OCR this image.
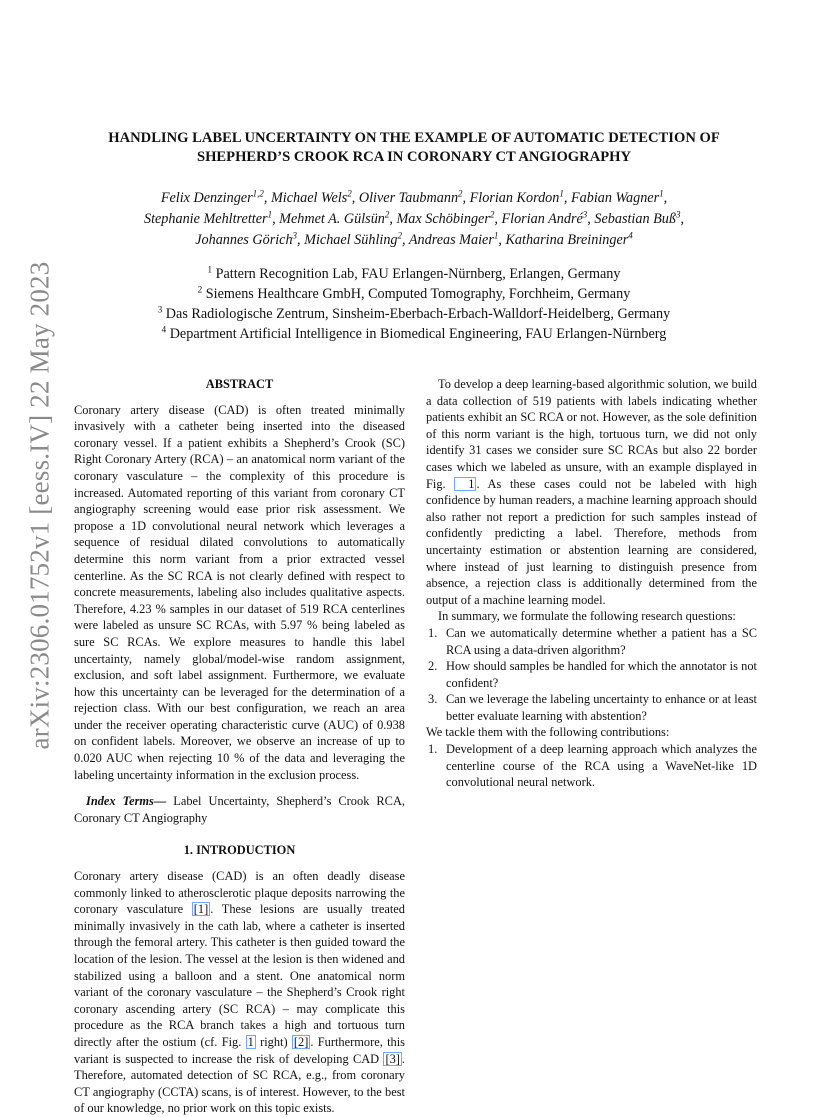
arXiv:2306.01752v1 [eess.IV] 22 May 2023
HANDLING LABEL UNCERTAINTY ON THE EXAMPLE OF AUTOMATIC DETECTION OF
SHEPHERD’S CROOK RCA IN CORONARY CT ANGIOGRAPHY
Felix Denzinger$^{1,2}$, Michael Wels$^2$, Oliver Taubmann$^2$, Florian Kordon$^1$, Fabian Wagner$^1$,
Stephanie Mehltretter$^1$, Mehmet A. Gülsün$^2$, Max Schöbinger$^2$, Florian André$^3$, Sebastian Buß$^3$,
Johannes Görich$^3$, Michael Sühling$^2$, Andreas Maier$^1$, Katharina Breininger$^4$
$^1$ Pattern Recognition Lab, FAU Erlangen-Nürnberg, Erlangen, Germany
$^2$ Siemens Healthcare GmbH, Computed Tomography, Forchheim, Germany
$^3$ Das Radiologische Zentrum, Sinsheim-Eberbach-Erbach-Walldorf-Heidelberg, Germany
$^4$ Department Artificial Intelligence in Biomedical Engineering, FAU Erlangen-Nürnberg
ABSTRACT
Coronary artery disease (CAD) is often treated minimally invasively with a catheter being inserted into the diseased coronary vessel. If a patient exhibits a Shepherd’s Crook (SC) Right Coronary Artery (RCA) – an anatomical norm variant of the coronary vasculature – the complexity of this procedure is increased. Automated reporting of this variant from coronary CT angiography screening would ease prior risk assessment. We propose a 1D convolutional neural network which leverages a sequence of residual dilated convolutions to automatically determine this norm variant from a prior extracted vessel centerline. As the SC RCA is not clearly defined with respect to concrete measurements, labeling also includes qualitative aspects. Therefore, 4.23 % samples in our dataset of 519 RCA centerlines were labeled as unsure SC RCAs, with 5.97 % being labeled as sure SC RCAs. We explore measures to handle this label uncertainty, namely global/model-wise random assignment, exclusion, and soft label assignment. Furthermore, we evaluate how this uncertainty can be leveraged for the determination of a rejection class. With our best configuration, we reach an area under the receiver operating characteristic curve (AUC) of 0.938 on confident labels. Moreover, we observe an increase of up to 0.020 AUC when rejecting 10 % of the data and leveraging the labeling uncertainty information in the exclusion process.
Index Terms— Label Uncertainty, Shepherd’s Crook RCA, Coronary CT Angiography
1. INTRODUCTION
Coronary artery disease (CAD) is an often deadly disease commonly linked to atherosclerotic plaque deposits narrowing the coronary vasculature [1] . These lesions are usually treated minimally invasively in the cath lab, where a catheter is inserted through the femoral artery. This catheter is then guided toward the location of the lesion. The vessel at the lesion is then widened and stabilized using a balloon and a stent. One anatomical norm variant of the coronary vasculature – the Shepherd’s Crook right coronary ascending artery (SC RCA) – may complicate this procedure as the RCA branch takes a high and tortuous turn directly after the ostium (cf. Fig. 1 right) [2] . Furthermore, this variant is suspected to increase the risk of developing CAD [3] . Therefore, automated detection of SC RCA, e.g., from coronary CT angiography (CCTA) scans, is of interest. However, to the best of our knowledge, no prior work on this topic exists.
To develop a deep learning-based algorithmic solution, we build a data collection of 519 patients with labels indicating whether patients exhibit an SC RCA or not. However, as the sole definition of this norm variant is the high, tortuous turn, we did not only identify 31 cases we consider sure SC RCAs but also 22 border cases which we labeled as unsure, with an example displayed in Fig. 1 . As these cases could not be labeled with high confidence by human readers, a machine learning approach should also rather not report a prediction for such samples instead of confidently predicting a label. Therefore, methods from uncertainty estimation or abstention learning are considered, where instead of just learning to distinguish presence from absence, a rejection class is additionally determined from the output of a machine learning model.
In summary, we formulate the following research questions:
1. Can we automatically determine whether a patient has a SC RCA using a data-driven algorithm?
2. How should samples be handled for which the annotator is not confident?
3. Can we leverage the labeling uncertainty to enhance or at least better evaluate learning with abstention?
We tackle them with the following contributions:
1. Development of a deep learning approach which analyzes the centerline course of the RCA using a WaveNet-like 1D convolutional neural network.
